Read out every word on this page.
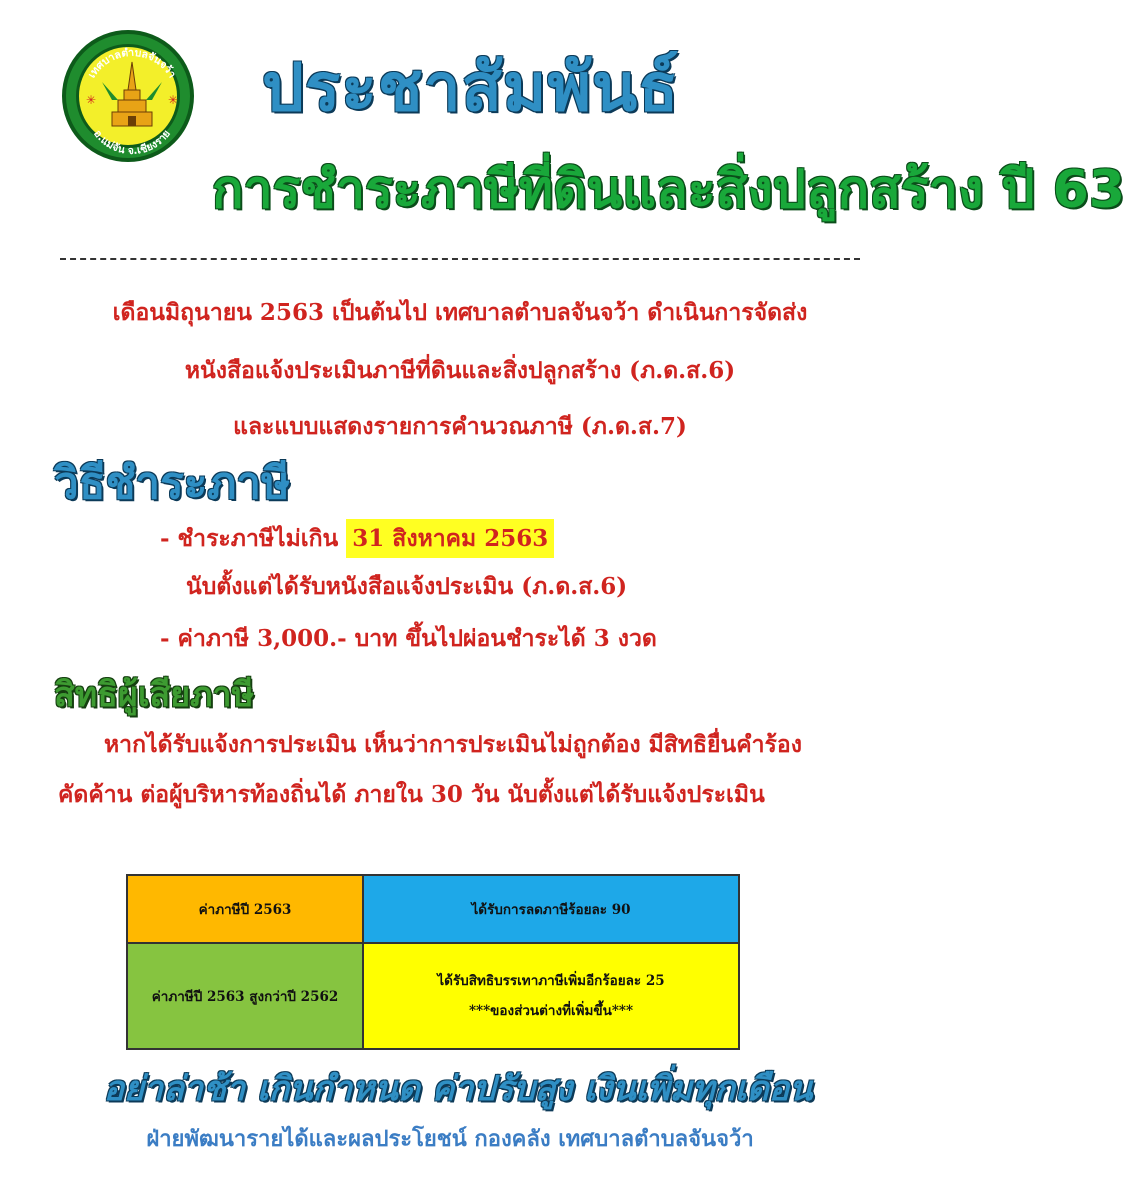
เทศบาลตำบลจันจว้า
อ.แม่จัน จ.เชียงราย
✳	✳ ประชาสัมพันธ์
การชำระภาษีที่ดินและสิ่งปลูกสร้าง ปี 63
เดือนมิถุนายน 2563 เป็นต้นไป เทศบาลตำบลจันจว้า ดำเนินการจัดส่ง
หนังสือแจ้งประเมินภาษีที่ดินและสิ่งปลูกสร้าง (ภ.ด.ส.6)
และแบบแสดงรายการคำนวณภาษี (ภ.ด.ส.7)
วิธีชำระภาษี
- ชำระภาษีไม่เกิน 31 สิงหาคม 2563
นับตั้งแต่ได้รับหนังสือแจ้งประเมิน (ภ.ด.ส.6)
- ค่าภาษี 3,000.- บาท ขึ้นไปผ่อนชำระได้ 3 งวด
สิทธิผู้เสียภาษี
หากได้รับแจ้งการประเมิน เห็นว่าการประเมินไม่ถูกต้อง มีสิทธิยื่นคำร้อง
คัดค้าน ต่อผู้บริหารท้องถิ่นได้ ภายใน 30 วัน นับตั้งแต่ได้รับแจ้งประเมิน
ค่าภาษีปี 2563	ได้รับการลดภาษีร้อยละ 90
ค่าภาษีปี 2563 สูงกว่าปี 2562
ได้รับสิทธิบรรเทาภาษีเพิ่มอีกร้อยละ 25
***ของส่วนต่างที่เพิ่มขึ้น***
อย่าล่าช้า เกินกำหนด ค่าปรับสูง เงินเพิ่มทุกเดือน
ฝ่ายพัฒนารายได้และผลประโยชน์ กองคลัง เทศบาลตำบลจันจว้า
